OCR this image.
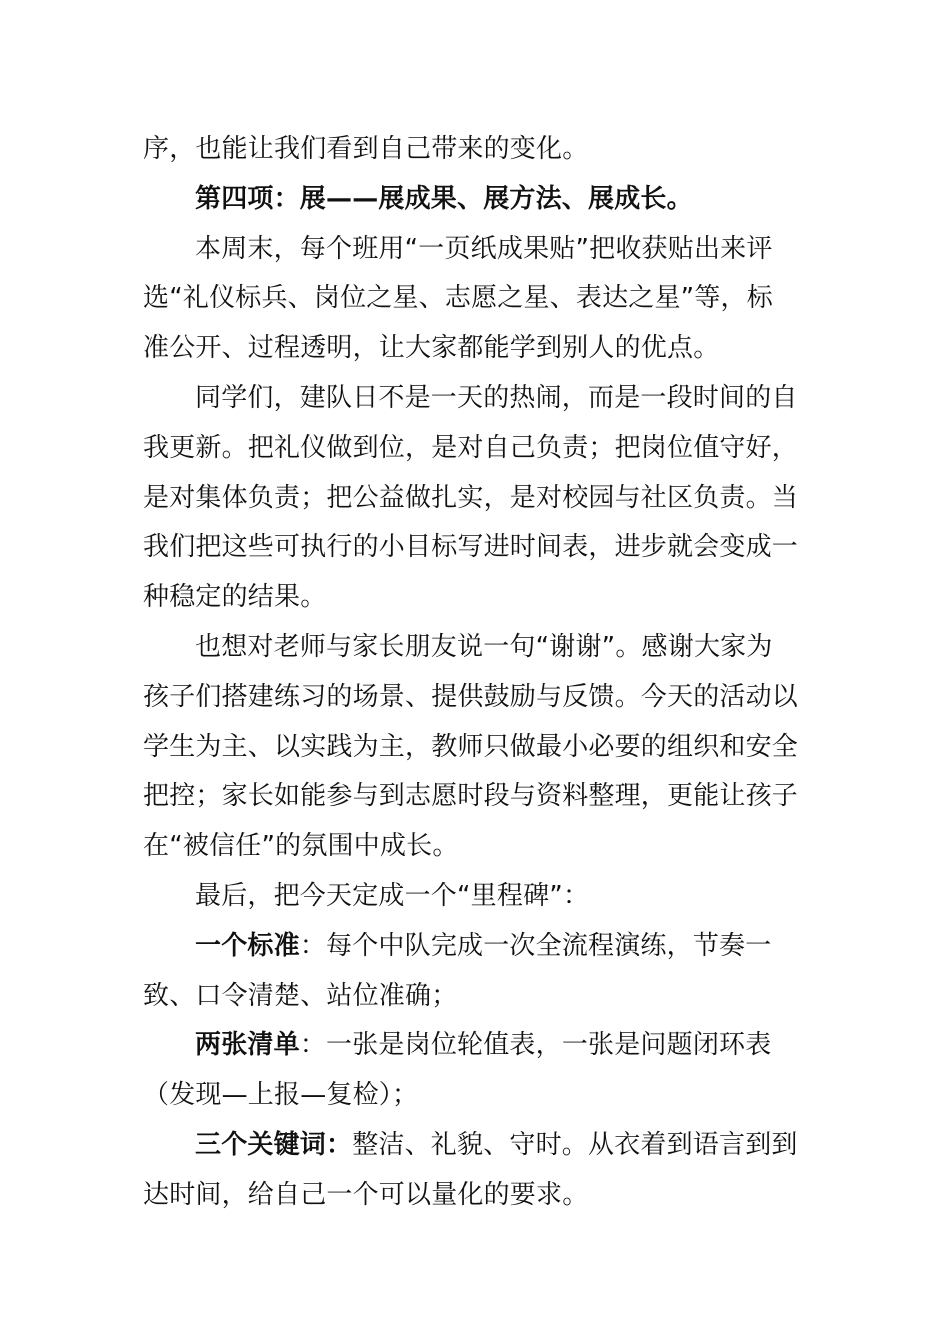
序，也能让我们看到自己带来的变化。
第四项：展——展成果、展方法、展成长。
本周末，每个班用“一页纸成果贴”把收获贴出来评
选“礼仪标兵、岗位之星、志愿之星、表达之星”等，标
准公开、过程透明，让大家都能学到别人的优点。
同学们，建队日不是一天的热闹，而是一段时间的自
我更新。把礼仪做到位，是对自己负责；把岗位值守好，
是对集体负责；把公益做扎实，是对校园与社区负责。当
我们把这些可执行的小目标写进时间表，进步就会变成一
种稳定的结果。
也想对老师与家长朋友说一句“谢谢”。感谢大家为
孩子们搭建练习的场景、提供鼓励与反馈。今天的活动以
学生为主、以实践为主，教师只做最小必要的组织和安全
把控；家长如能参与到志愿时段与资料整理，更能让孩子
在“被信任”的氛围中成长。
最后，把今天定成一个“里程碑”：
一个标准：每个中队完成一次全流程演练，节奏一
致、口令清楚、站位准确；
两张清单：一张是岗位轮值表，一张是问题闭环表
（发现—上报—复检）；
三个关键词：整洁、礼貌、守时。从衣着到语言到到
达时间，给自己一个可以量化的要求。
